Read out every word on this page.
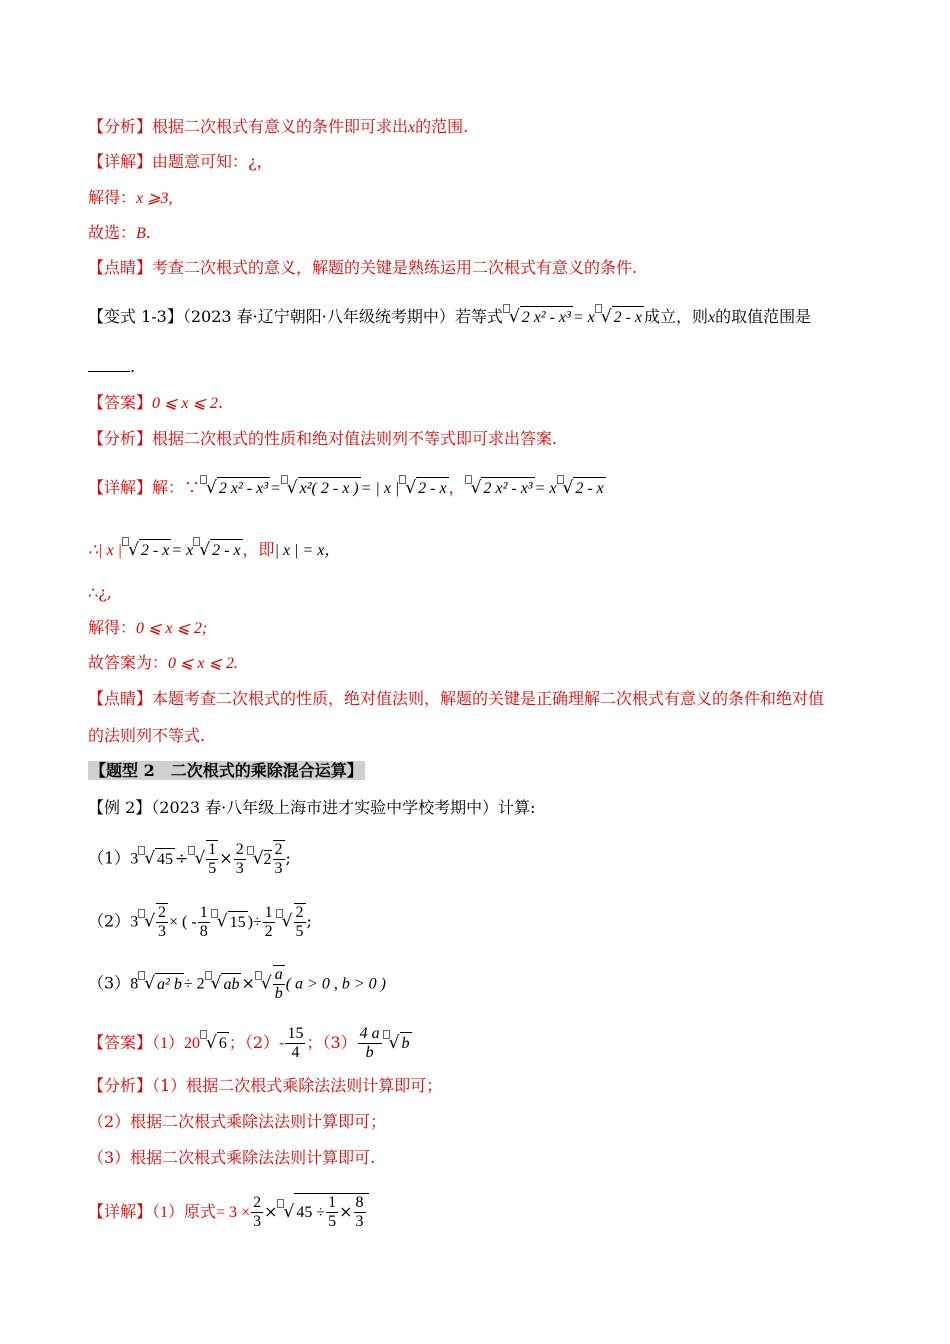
【分析】根据二次根式有意义的条件即可求出x的范围.
【详解】由题意可知：¿，
解得：x ⩾3,
故选：B.
【点睛】考查二次根式的意义，解题的关键是熟练运用二次根式有意义的条件.
【变式 1-3】（2023 春·辽宁朝阳·八年级统考期中）若等式 √ 2 x² - x³ = x √ 2 - x 成立，则x的取值范围是
.
【答案】0 ⩽ x ⩽ 2.
【分析】根据二次根式的性质和绝对值法则列不等式即可求出答案.
【详解】解：∵ √ 2 x² - x³ = √ x²( 2 - x ) = | x | √ 2 - x ， √ 2 x² - x³ = x √ 2 - x
∴| x | √ 2 - x = x √ 2 - x ，即| x | = x，
∴¿,
解得：0 ⩽ x ⩽ 2;
故答案为：0 ⩽ x ⩽ 2.
【点睛】本题考查二次根式的性质，绝对值法则，解题的关键是正确理解二次根式有意义的条件和绝对值
的法则列不等式.
【题型 2　二次根式的乘除混合运算】
【例 2】（2023 春·八年级上海市进才实验中学校考期中）计算:
（1）3 √ 45 ÷ √ $\frac{1}{5} \times \frac{2}{3} √2 \frac{2}{3}$ ;
（2）3 √ $\frac{2}{3}$ × ( - $\frac{1}{8}$ √ 15 )÷ $\frac{1}{2}$ √ $\frac{2}{5}$ ;
（3）8 √ a² b ÷ 2 √ ab × √ $\frac{a}{b}$ ( a > 0 , b > 0 )
【答案】（1）20 √ 6 ；$(2)- \frac{15}{4}$ ；$(3) \frac{4 a}{b}$ √ b
【分析】（1）根据二次根式乘除法法则计算即可；
（2）根据二次根式乘除法法则计算即可；
（3）根据二次根式乘除法法则计算即可.
【详解】（1）原式= $3 \times \frac{2}{3}$ × √ $45 \div \frac{1}{5} \times \frac{8}{3}$
